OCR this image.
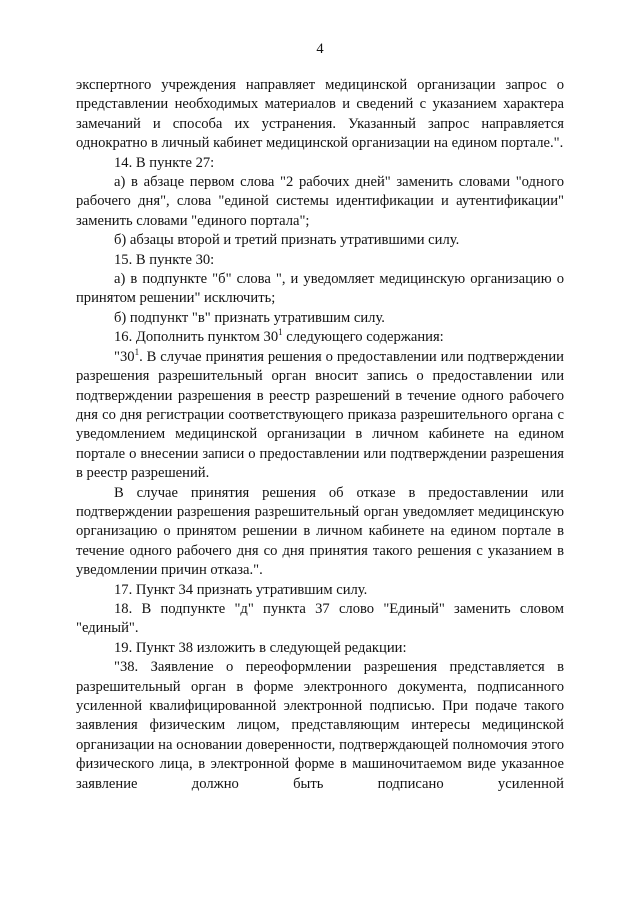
4

экспертного учреждения направляет медицинской организации запрос о представлении необходимых материалов и сведений с указанием характера замечаний и способа их устранения. Указанный запрос направляется однократно в личный кабинет медицинской организации на едином портале.".

14. В пункте 27:

а) в абзаце первом слова "2 рабочих дней" заменить словами "одного рабочего дня", слова "единой системы идентификации и аутентификации" заменить словами "единого портала";

б) абзацы второй и третий признать утратившими силу.

15. В пункте 30:

а) в подпункте "б" слова ", и уведомляет медицинскую организацию о принятом решении" исключить;

б) подпункт "в" признать утратившим силу.

16. Дополнить пунктом $30^1$ следующего содержания:

"$30^1$. В случае принятия решения о предоставлении или подтверждении разрешения разрешительный орган вносит запись о предоставлении или подтверждении разрешения в реестр разрешений в течение одного рабочего дня со дня регистрации соответствующего приказа разрешительного органа с уведомлением медицинской организации в личном кабинете на едином портале о внесении записи о предоставлении или подтверждении разрешения в реестр разрешений.

В случае принятия решения об отказе в предоставлении или подтверждении разрешения разрешительный орган уведомляет медицинскую организацию о принятом решении в личном кабинете на едином портале в течение одного рабочего дня со дня принятия такого решения с указанием в уведомлении причин отказа.".

17. Пункт 34 признать утратившим силу.

18. В подпункте "д" пункта 37 слово "Единый" заменить словом "единый".

19. Пункт 38 изложить в следующей редакции:

"38. Заявление о переоформлении разрешения представляется в разрешительный орган в форме электронного документа, подписанного усиленной квалифицированной электронной подписью. При подаче такого заявления физическим лицом, представляющим интересы медицинской организации на основании доверенности, подтверждающей полномочия этого физического лица, в электронной форме в машиночитаемом виде указанное заявление должно быть подписано усиленной
